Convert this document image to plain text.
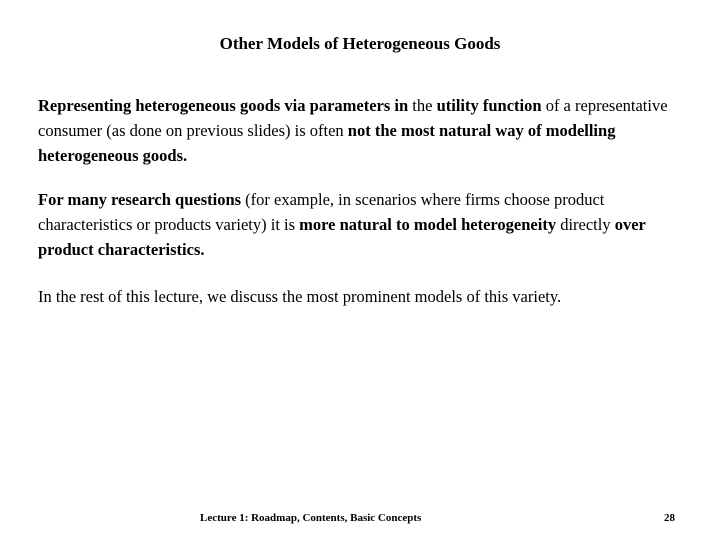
Other Models of Heterogeneous Goods

Representing heterogeneous goods via parameters in the utility function of a representative consumer (as done on previous slides) is often not the most natural way of modelling heterogeneous goods.

For many research questions (for example, in scenarios where firms choose product characteristics or products variety) it is more natural to model heterogeneity directly over product characteristics.

In the rest of this lecture, we discuss the most prominent models of this variety.

Lecture 1: Roadmap, Contents, Basic Concepts	28
